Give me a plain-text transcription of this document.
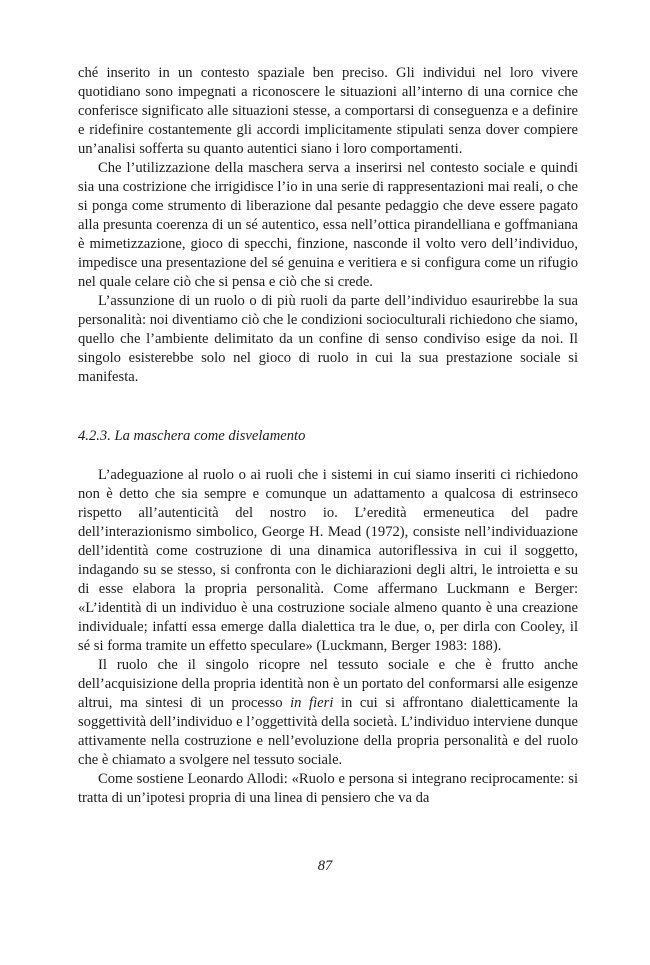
ché inserito in un contesto spaziale ben preciso. Gli individui nel loro vivere quotidiano sono impegnati a riconoscere le situazioni all’interno di una cornice che conferisce significato alle situazioni stesse, a comportarsi di conseguenza e a definire e ridefinire costantemente gli accordi implicitamente stipulati senza dover compiere un’analisi sofferta su quanto autentici siano i loro comportamenti.

Che l’utilizzazione della maschera serva a inserirsi nel contesto sociale e quindi sia una costrizione che irrigidisce l’io in una serie di rappresentazioni mai reali, o che si ponga come strumento di liberazione dal pesante pedaggio che deve essere pagato alla presunta coerenza di un sé autentico, essa nell’ottica pirandelliana e goffmaniana è mimetizzazione, gioco di specchi, finzione, nasconde il volto vero dell’individuo, impedisce una presentazione del sé genuina e veritiera e si configura come un rifugio nel quale celare ciò che si pensa e ciò che si crede.

L’assunzione di un ruolo o di più ruoli da parte dell’individuo esaurirebbe la sua personalità: noi diventiamo ciò che le condizioni socioculturali richiedono che siamo, quello che l’ambiente delimitato da un confine di senso condiviso esige da noi. Il singolo esisterebbe solo nel gioco di ruolo in cui la sua prestazione sociale si manifesta.

4.2.3. La maschera come disvelamento

L’adeguazione al ruolo o ai ruoli che i sistemi in cui siamo inseriti ci richiedono non è detto che sia sempre e comunque un adattamento a qualcosa di estrinseco rispetto all’autenticità del nostro io. L’eredità ermeneutica del padre dell’interazionismo simbolico, George H. Mead (1972), consiste nell’individuazione dell’identità come costruzione di una dinamica autoriflessiva in cui il soggetto, indagando su se stesso, si confronta con le dichiarazioni degli altri, le introietta e su di esse elabora la propria personalità. Come affermano Luckmann e Berger: «L’identità di un individuo è una costruzione sociale almeno quanto è una creazione individuale; infatti essa emerge dalla dialettica tra le due, o, per dirla con Cooley, il sé si forma tramite un effetto speculare» (Luckmann, Berger 1983: 188).

Il ruolo che il singolo ricopre nel tessuto sociale e che è frutto anche dell’acquisizione della propria identità non è un portato del conformarsi alle esigenze altrui, ma sintesi di un processo in fieri in cui si affrontano dialetticamente la soggettività dell’individuo e l’oggettività della società. L’individuo interviene dunque attivamente nella costruzione e nell’evoluzione della propria personalità e del ruolo che è chiamato a svolgere nel tessuto sociale.

Come sostiene Leonardo Allodi: «Ruolo e persona si integrano reciprocamente: si tratta di un’ipotesi propria di una linea di pensiero che va da

87
